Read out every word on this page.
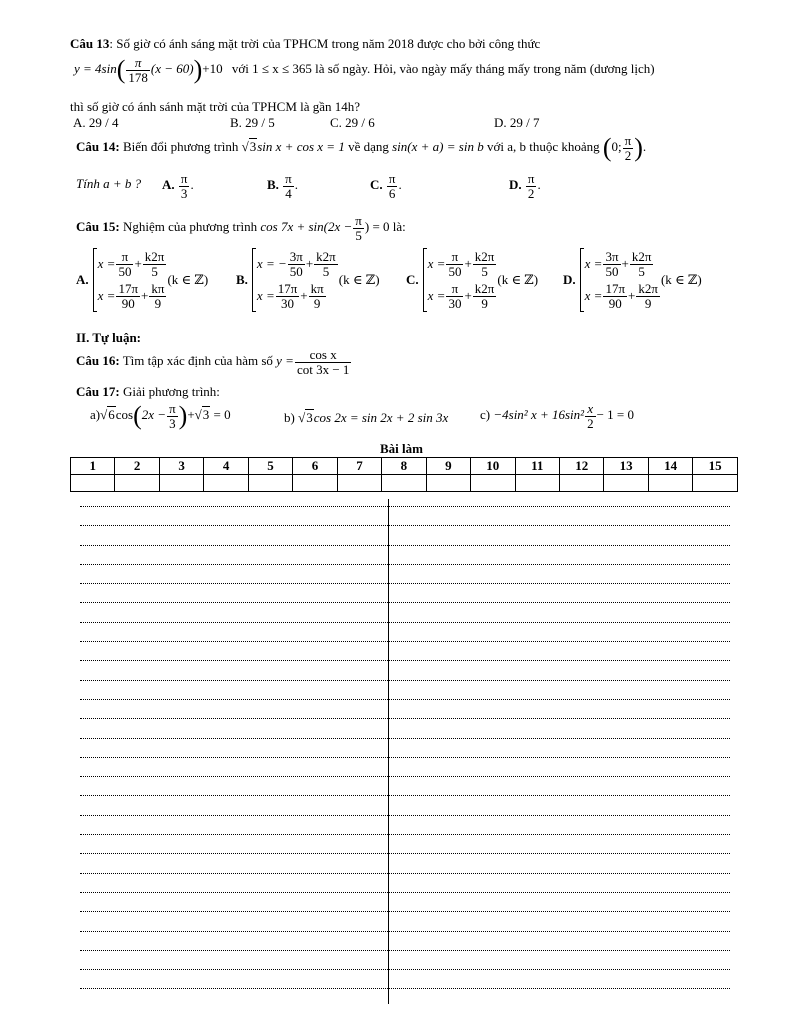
Câu 13: Số giờ có ánh sáng mặt trời của TPHCM trong năm 2018 được cho bởi công thức
$y = 4\sin( \frac{\pi}{178} (x - 60))+10$ với 1 ≤ x ≤ 365 là số ngày. Hỏi, vào ngày mấy tháng mấy trong năm (dương lịch)
thì số giờ có ánh sánh mặt trời của TPHCM là gần 14h?
A. 29 / 4	B. 29 / 5	C. 29 / 6	D. 29 / 7
Câu 14: Biến đổi phương trình √3sin x + cos x = 1 về dạng sin(x + a) = sin b với a, b thuộc khoảng (0; $\frac{\pi}{2}$ ).
Tính a + b ? A. $\frac{\pi}{3}$ .	B. $\frac{\pi}{4}$ .	C. $\frac{\pi}{6}$ .	D. $\frac{\pi}{2}$ .
Câu 15: Nghiệm của phương trình $\cos 7x + \sin(2x - \frac{\pi}{5}$ ) = 0 là:
A.
$x = \frac{\pi}{50} + \frac{k2\pi}{5}$
$x = \frac{17\pi}{90} + \frac{k\pi}{9}$
(k ∈ ℤ) B.
x = − $\frac{3\pi}{50} + \frac{k2\pi}{5}$
$x = \frac{17\pi}{30} + \frac{k\pi}{9}$
(k ∈ ℤ) C.
$x = \frac{\pi}{50} + \frac{k2\pi}{5}$
$x = \frac{\pi}{30} + \frac{k2\pi}{9}$
(k ∈ ℤ) D.
$x = \frac{3\pi}{50} + \frac{k2\pi}{5}$
$x = \frac{17\pi}{90} + \frac{k2\pi}{9}$
(k ∈ ℤ)
II. Tự luận:
Câu 16: Tìm tập xác định của hàm số $y = \frac{\text{cos x}}{\cot 3x - 1}$
Câu 17: Giải phương trình:
$a)√6\cos(2x - \frac{\pi}{3} )+√3 = 0$	b) √3cos 2x = sin 2x + 2 sin 3x c) −4sin² $x + 16\sin^2 \frac{x}{2} - 1 = 0$
Bài làm
1	2	3	4	5	6	7	8	9	10	11	12	13	14	15
